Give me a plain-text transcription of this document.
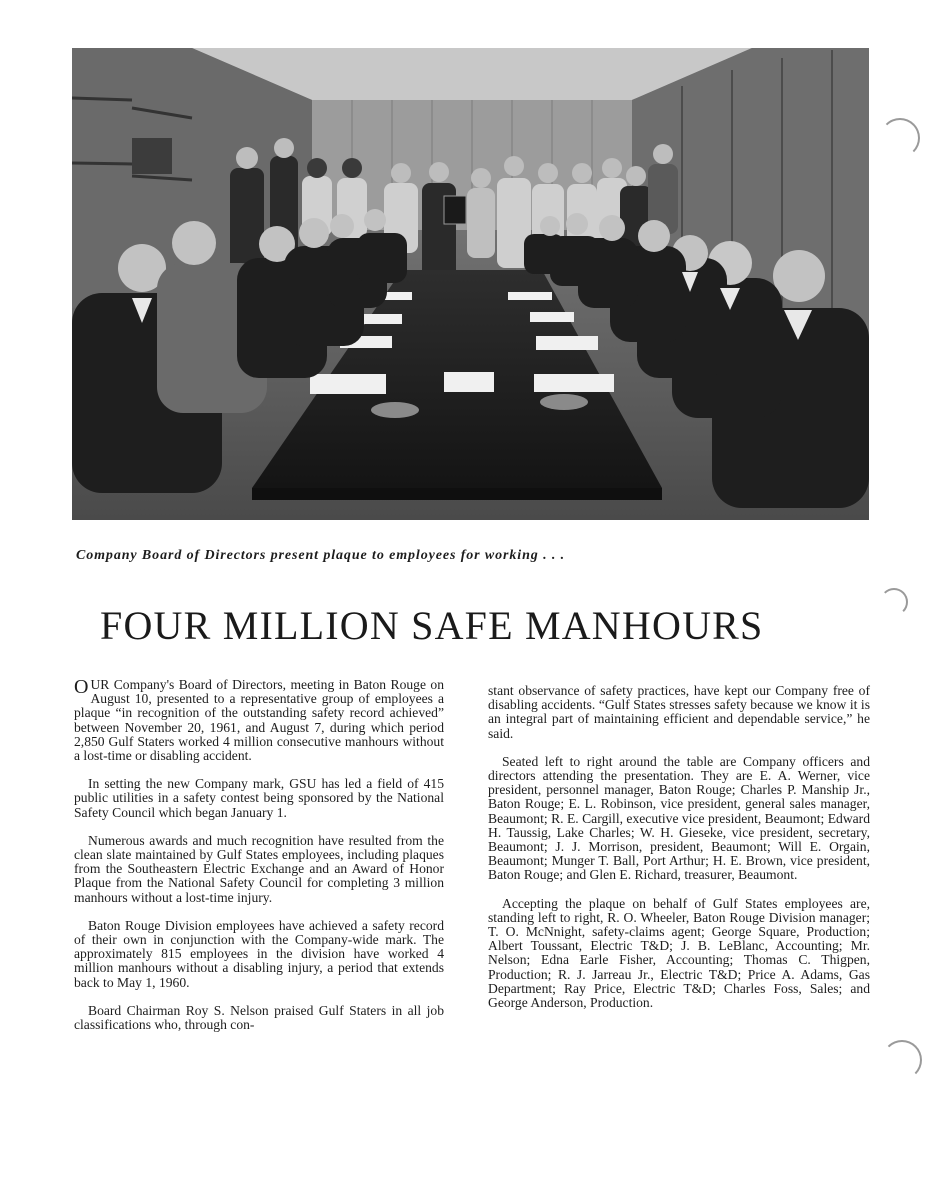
Company Board of Directors present plaque to employees for working . . .
FOUR MILLION SAFE MANHOURS

O UR Company's Board of Directors, meeting in Baton Rouge on August 10, presented to a representative group of employees a plaque “in recognition of the outstanding safety record achieved” between November 20, 1961, and August 7, during which period 2,850 Gulf Staters worked 4 million consecutive manhours without a lost-time or disabling accident.

In setting the new Company mark, GSU has led a field of 415 public utilities in a safety contest being sponsored by the National Safety Council which began January 1.

Numerous awards and much recognition have resulted from the clean slate maintained by Gulf States employees, including plaques from the Southeastern Electric Exchange and an Award of Honor Plaque from the National Safety Council for completing 3 million manhours without a lost-time injury.

Baton Rouge Division employees have achieved a safety record of their own in conjunction with the Company-wide mark. The approximately 815 employees in the division have worked 4 million manhours without a disabling injury, a period that extends back to May 1, 1960.

Board Chairman Roy S. Nelson praised Gulf Staters in all job classifications who, through con-

stant observance of safety practices, have kept our Company free of disabling accidents. “Gulf States stresses safety because we know it is an integral part of maintaining efficient and dependable service,” he said.

Seated left to right around the table are Company officers and directors attending the presentation. They are E. A. Werner, vice president, personnel manager, Baton Rouge; Charles P. Manship Jr., Baton Rouge; E. L. Robinson, vice president, general sales manager, Beaumont; R. E. Cargill, executive vice president, Beaumont; Edward H. Taussig, Lake Charles; W. H. Gieseke, vice president, secretary, Beaumont; J. J. Morrison, president, Beaumont; Will E. Orgain, Beaumont; Munger T. Ball, Port Arthur; H. E. Brown, vice president, Baton Rouge; and Glen E. Richard, treasurer, Beaumont.

Accepting the plaque on behalf of Gulf States employees are, standing left to right, R. O. Wheeler, Baton Rouge Division manager; T. O. McNnight, safety-claims agent; George Square, Production; Albert Toussant, Electric T&D; J. B. LeBlanc, Accounting; Mr. Nelson; Edna Earle Fisher, Accounting; Thomas C. Thigpen, Production; R. J. Jarreau Jr., Electric T&D; Price A. Adams, Gas Department; Ray Price, Electric T&D; Charles Foss, Sales; and George Anderson, Production.
